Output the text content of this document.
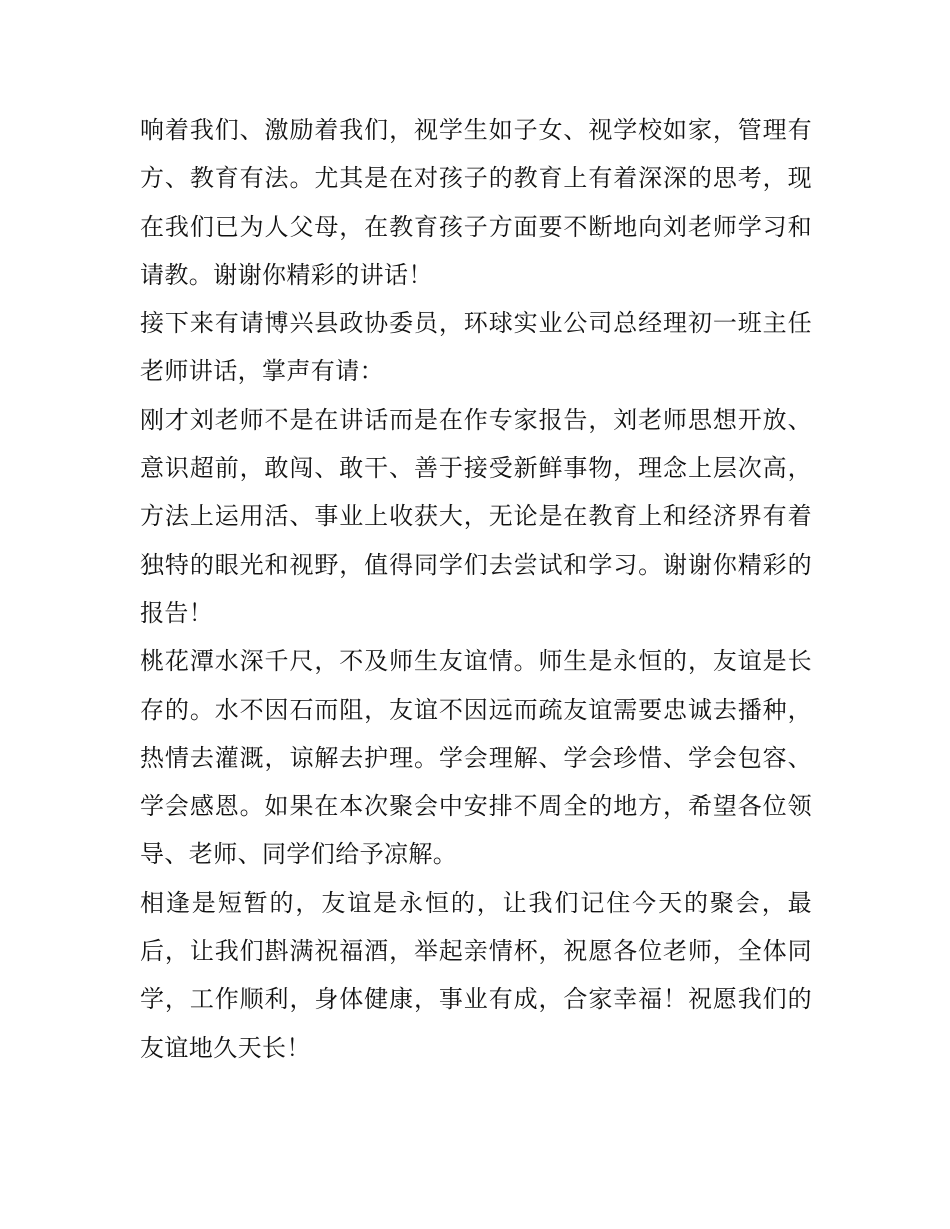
响着我们、激励着我们，视学生如子女、视学校如家，管理有方、教育有法。尤其是在对孩子的教育上有着深深的思考，现在我们已为人父母，在教育孩子方面要不断地向刘老师学习和请教。谢谢你精彩的讲话！

接下来有请博兴县政协委员，环球实业公司总经理初一班主任老师讲话，掌声有请：

刚才刘老师不是在讲话而是在作专家报告，刘老师思想开放、意识超前，敢闯、敢干、善于接受新鲜事物，理念上层次高，方法上运用活、事业上收获大，无论是在教育上和经济界有着独特的眼光和视野，值得同学们去尝试和学习。谢谢你精彩的报告！

桃花潭水深千尺，不及师生友谊情。师生是永恒的，友谊是长存的。水不因石而阻，友谊不因远而疏友谊需要忠诚去播种，热情去灌溉，谅解去护理。学会理解、学会珍惜、学会包容、学会感恩。如果在本次聚会中安排不周全的地方，希望各位领导、老师、同学们给予凉解。

相逢是短暂的，友谊是永恒的，让我们记住今天的聚会，最后，让我们斟满祝福酒，举起亲情杯，祝愿各位老师，全体同学，工作顺利，身体健康，事业有成，合家幸福！祝愿我们的友谊地久天长！
